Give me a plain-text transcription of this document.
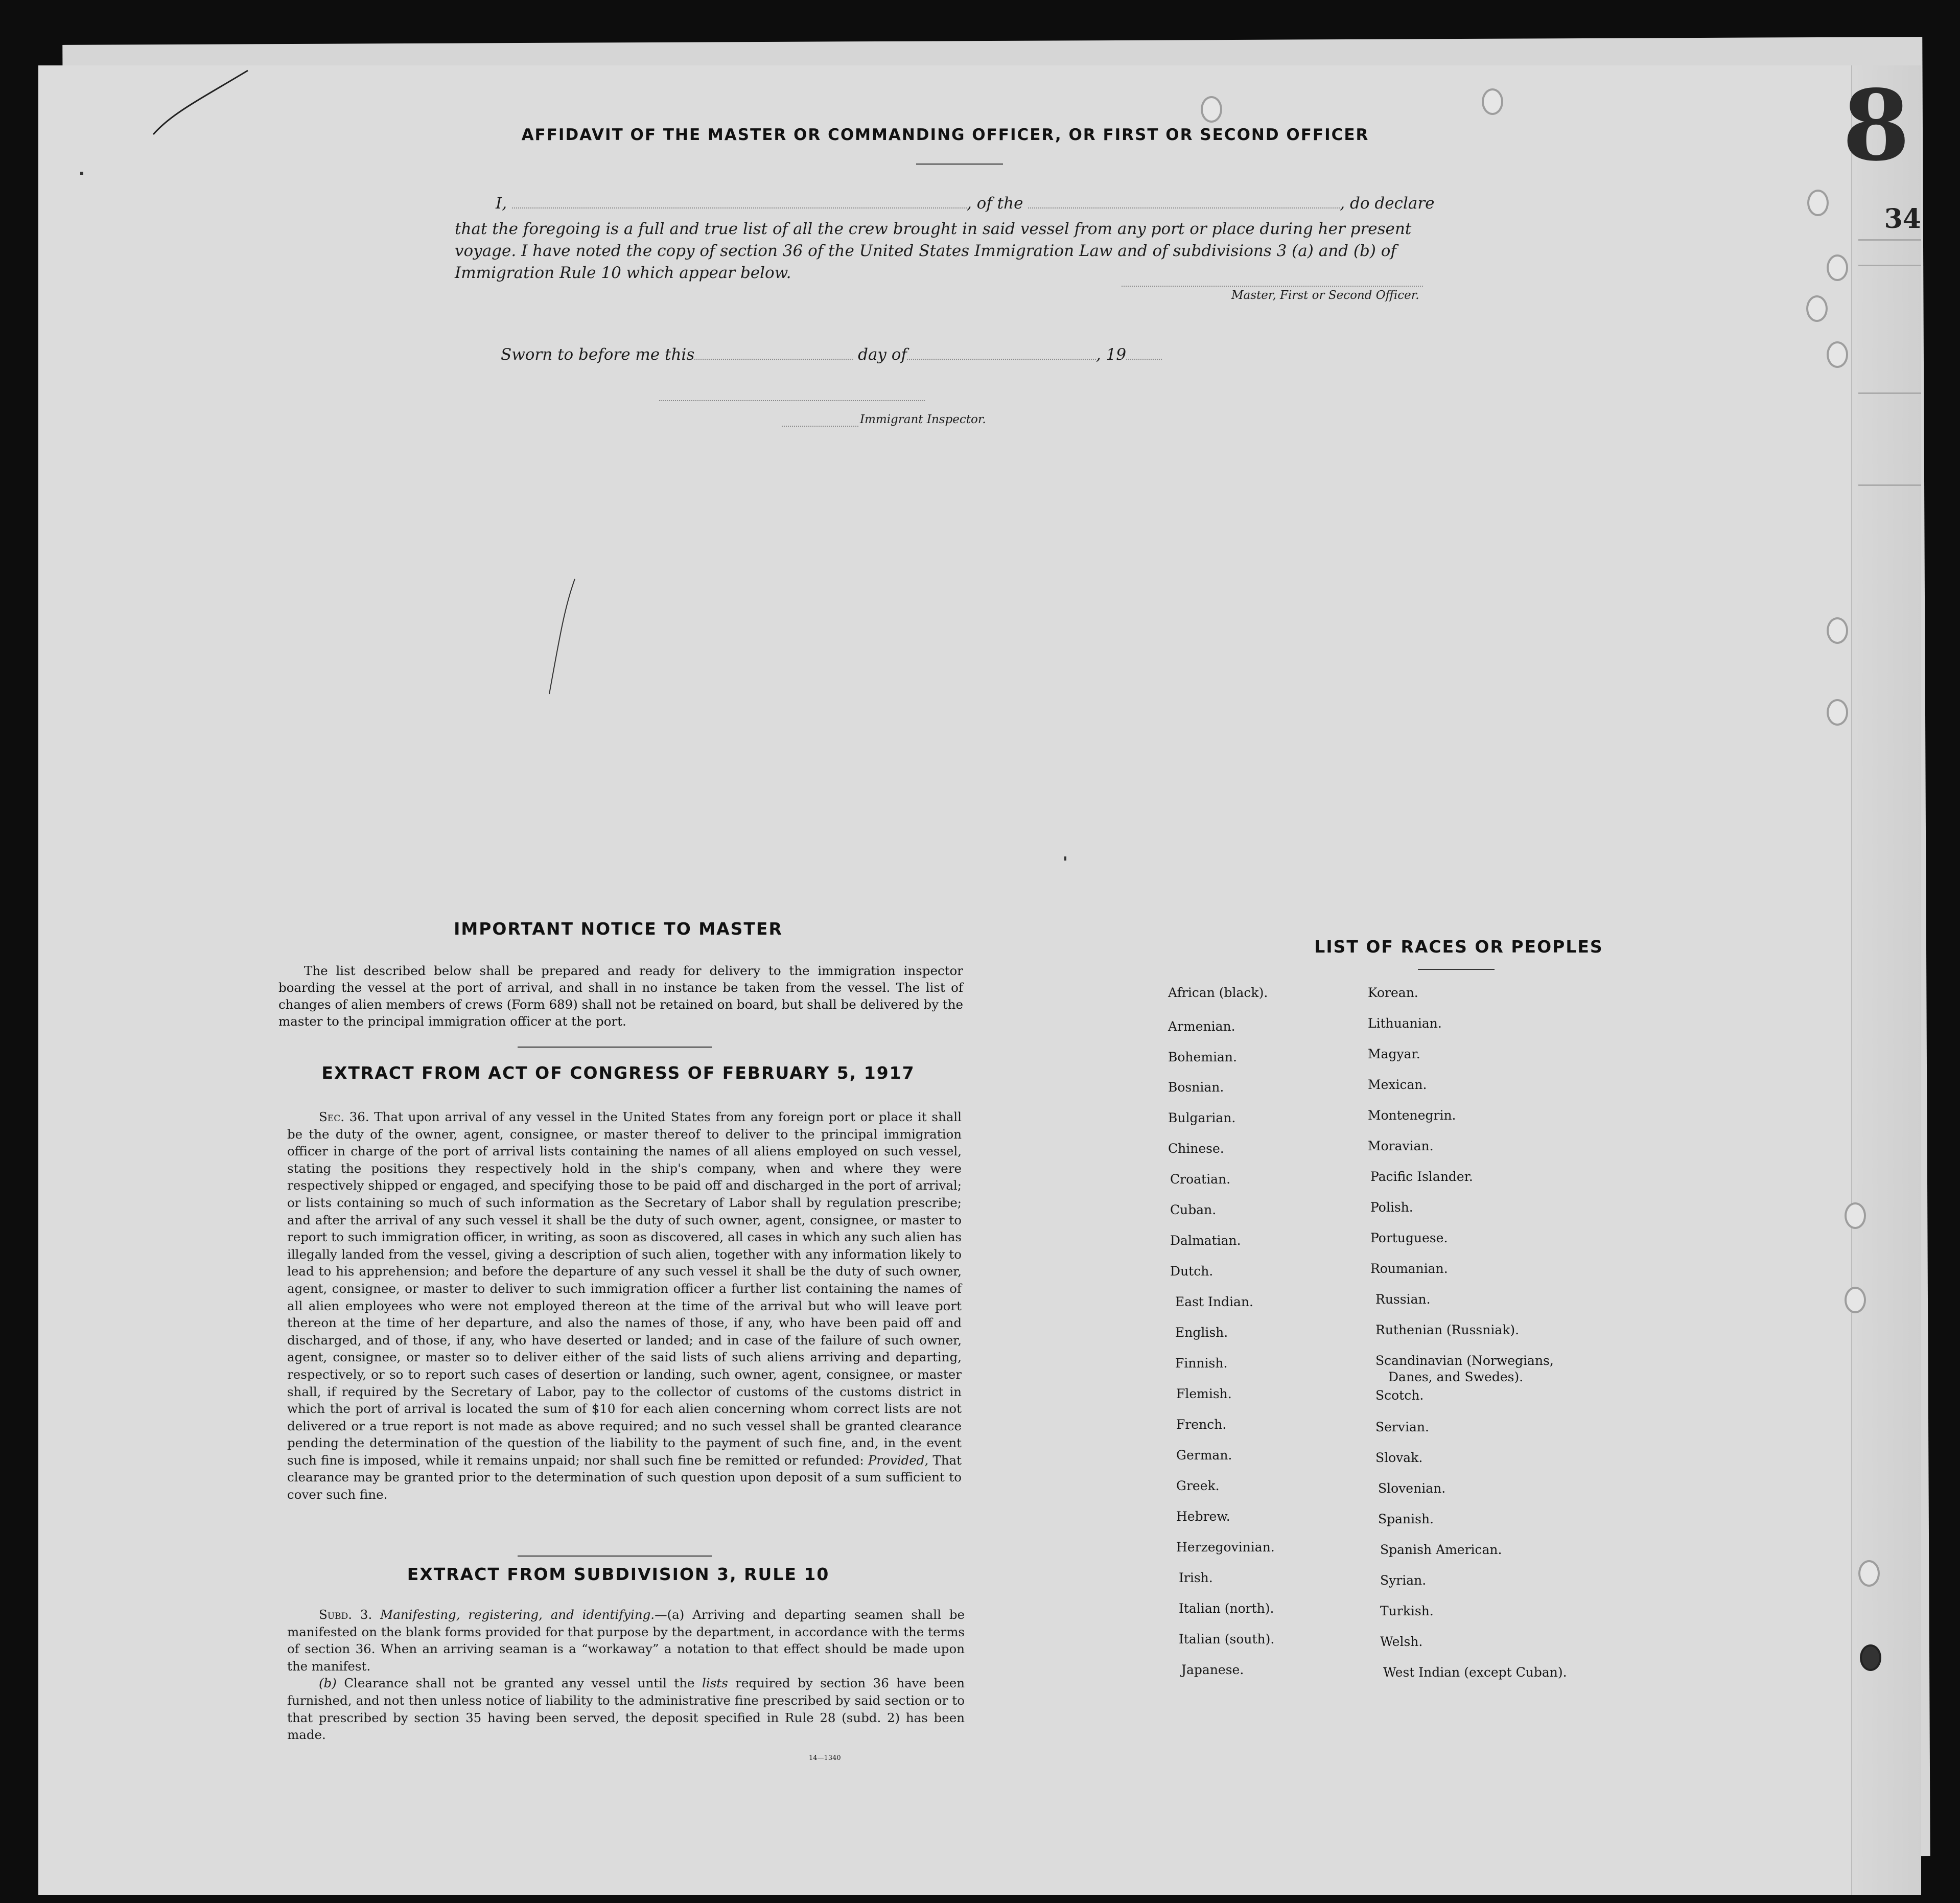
8
34
AFFIDAVIT OF THE MASTER OR COMMANDING OFFICER, OR FIRST OR SECOND OFFICER
I,	, of the	, do declare
that the foregoing is a full and true list of all the crew brought in said vessel from any port or place during her present
voyage. I have noted the copy of section 36 of the United States Immigration Law and of subdivisions 3 (a) and (b) of
Immigration Rule 10 which appear below.
Master, First or Second Officer.
Sworn to before me this	day of	, 19
Immigrant Inspector.
IMPORTANT NOTICE TO MASTER
The list described below shall be prepared and ready for delivery to the immigration inspector boarding the vessel at the port of arrival, and shall in no instance be taken from the vessel. The list of changes of alien members of crews (Form 689) shall not be retained on board, but shall be delivered by the master to the principal immigration officer at the port.
EXTRACT FROM ACT OF CONGRESS OF FEBRUARY 5, 1917

Sec. 36. That upon arrival of any vessel in the United States from any foreign port or place it shall be the duty of the owner, agent, consignee, or master thereof to deliver to the principal immigration officer in charge of the port of arrival lists containing the names of all aliens employed on such vessel, stating the positions they respectively hold in the ship's company, when and where they were respectively shipped or engaged, and specifying those to be paid off and discharged in the port of arrival; or lists containing so much of such information as the Secretary of Labor shall by regulation prescribe; and after the arrival of any such vessel it shall be the duty of such owner, agent, consignee, or master to report to such immigration officer, in writing, as soon as discovered, all cases in which any such alien has illegally landed from the vessel, giving a description of such alien, together with any information likely to lead to his apprehension; and before the departure of any such vessel it shall be the duty of such owner, agent, consignee, or master to deliver to such immigration officer a further list containing the names of all alien employees who were not employed thereon at the time of the arrival but who will leave port thereon at the time of her departure, and also the names of those, if any, who have been paid off and discharged, and of those, if any, who have deserted or landed; and in case of the failure of such owner, agent, consignee, or master so to deliver either of the said lists of such aliens arriving and departing, respectively, or so to report such cases of desertion or landing, such owner, agent, consignee, or master shall, if required by the Secretary of Labor, pay to the collector of customs of the customs district in which the port of arrival is located the sum of $10 for each alien concerning whom correct lists are not delivered or a true report is not made as above required; and no such vessel shall be granted clearance pending the determination of the question of the liability to the payment of such fine, and, in the event such fine is imposed, while it remains unpaid; nor shall such fine be remitted or refunded: Provided, That clearance may be granted prior to the determination of such question upon deposit of a sum sufficient to cover such fine.

EXTRACT FROM SUBDIVISION 3, RULE 10

Subd. 3. Manifesting, registering, and identifying.—(a) Arriving and departing seamen shall be manifested on the blank forms provided for that purpose by the department, in accordance with the terms of section 36. When an arriving seaman is a “workaway” a notation to that effect should be made upon the manifest.

(b) Clearance shall not be granted any vessel until the lists required by section 36 have been furnished, and not then unless notice of liability to the administrative fine prescribed by said section or to that prescribed by section 35 having been served, the deposit specified in Rule 28 (subd. 2) has been made.

14—1340
LIST OF RACES OR PEOPLES
African (black).
Armenian.
Bohemian.
Bosnian.
Bulgarian.
Chinese.
Croatian.
Cuban.
Dalmatian.
Dutch.
East Indian.
English.
Finnish.
Flemish.
French.
German.
Greek.
Hebrew.
Herzegovinian.
Irish.
Italian (north).
Italian (south).
Japanese.
Korean.
Lithuanian.
Magyar.
Mexican.
Montenegrin.
Moravian.
Pacific Islander.
Polish.
Portuguese.
Roumanian.
Russian.
Ruthenian (Russniak).
Scandinavian (Norwegians,
Danes, and Swedes).
Scotch.
Servian.
Slovak.
Slovenian.
Spanish.
Spanish American.
Syrian.
Turkish.
Welsh.
West Indian (except Cuban).
